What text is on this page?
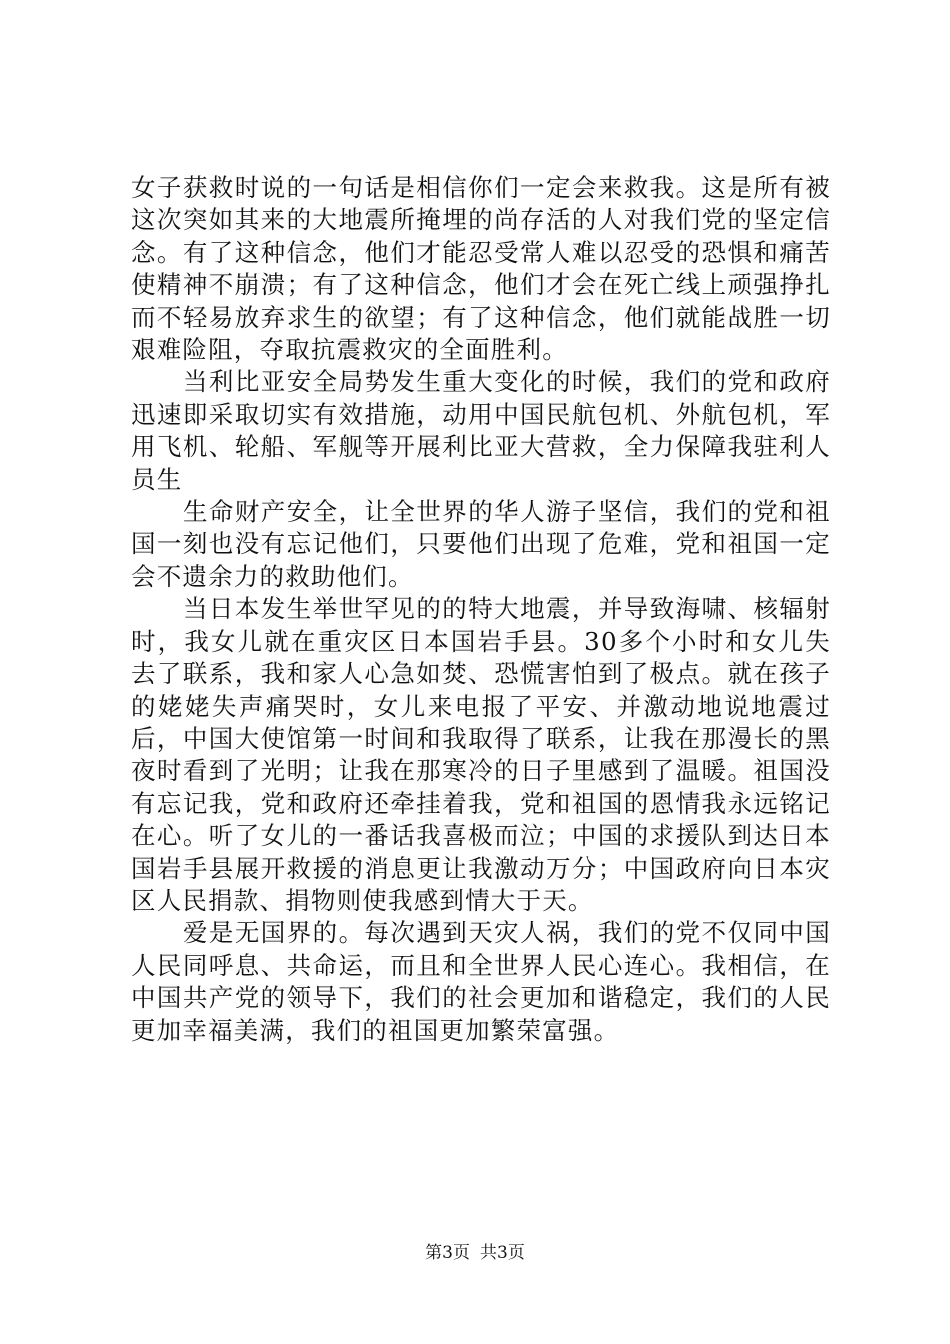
女子获救时说的一句话是相信你们一定会来救我。这是所有被这次突如其来的大地震所掩埋的尚存活的人对我们党的坚定信念。有了这种信念，他们才能忍受常人难以忍受的恐惧和痛苦使精神不崩溃；有了这种信念，他们才会在死亡线上顽强挣扎而不轻易放弃求生的欲望；有了这种信念，他们就能战胜一切艰难险阻，夺取抗震救灾的全面胜利。

当利比亚安全局势发生重大变化的时候，我们的党和政府迅速即采取切实有效措施，动用中国民航包机、外航包机，军用飞机、轮船、军舰等开展利比亚大营救，全力保障我驻利人员生

生命财产安全，让全世界的华人游子坚信，我们的党和祖国一刻也没有忘记他们，只要他们出现了危难，党和祖国一定会不遗余力的救助他们。

当日本发生举世罕见的的特大地震，并导致海啸、核辐射时，我女儿就在重灾区日本国岩手县。30多个小时和女儿失去了联系，我和家人心急如焚、恐慌害怕到了极点。就在孩子的姥姥失声痛哭时，女儿来电报了平安、并激动地说地震过后，中国大使馆第一时间和我取得了联系，让我在那漫长的黑夜时看到了光明；让我在那寒冷的日子里感到了温暖。祖国没有忘记我，党和政府还牵挂着我，党和祖国的恩情我永远铭记在心。听了女儿的一番话我喜极而泣；中国的求援队到达日本国岩手县展开救援的消息更让我激动万分；中国政府向日本灾区人民捐款、捐物则使我感到情大于天。

爱是无国界的。每次遇到天灾人祸，我们的党不仅同中国人民同呼息、共命运，而且和全世界人民心连心。我相信，在中国共产党的领导下，我们的社会更加和谐稳定，我们的人民更加幸福美满，我们的祖国更加繁荣富强。

第3页 共3页
